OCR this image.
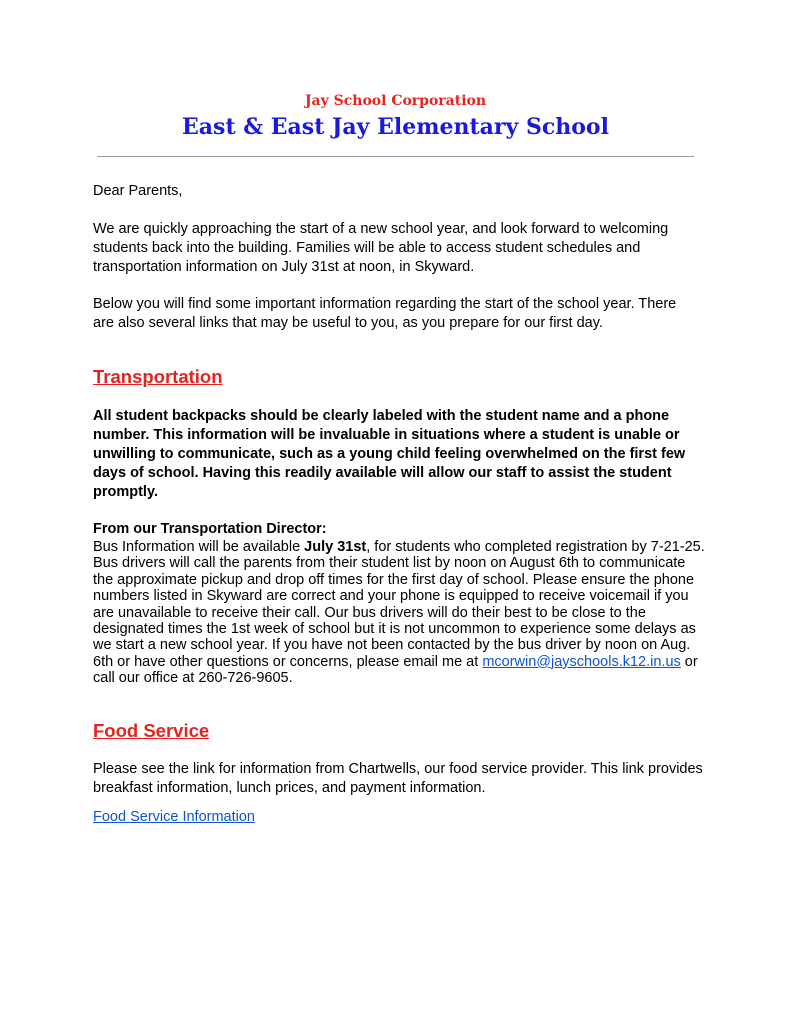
Jay School Corporation
East & East Jay Elementary School
Dear Parents,
We are quickly approaching the start of a new school year, and look forward to welcoming students back into the building. Families will be able to access student schedules and transportation information on July 31st at noon, in Skyward.
Below you will find some important information regarding the start of the school year. There are also several links that may be useful to you, as you prepare for our first day.
Transportation
All student backpacks should be clearly labeled with the student name and a phone number. This information will be invaluable in situations where a student is unable or unwilling to communicate, such as a young child feeling overwhelmed on the first few days of school. Having this readily available will allow our staff to assist the student promptly.
From our Transportation Director:
Bus Information will be available July 31st, for students who completed registration by 7-21-25.
Bus drivers will call the parents from their student list by noon on August 6th to communicate
the approximate pickup and drop off times for the first day of school. Please ensure the phone
numbers listed in Skyward are correct and your phone is equipped to receive voicemail if you
are unavailable to receive their call. Our bus drivers will do their best to be close to the
designated times the 1st week of school but it is not uncommon to experience some delays as
we start a new school year. If you have not been contacted by the bus driver by noon on Aug.
6th or have other questions or concerns, please email me at mcorwin@jayschools.k12.in.us or
call our office at 260-726-9605.
Food Service
Please see the link for information from Chartwells, our food service provider. This link provides breakfast information, lunch prices, and payment information.
Food Service Information
